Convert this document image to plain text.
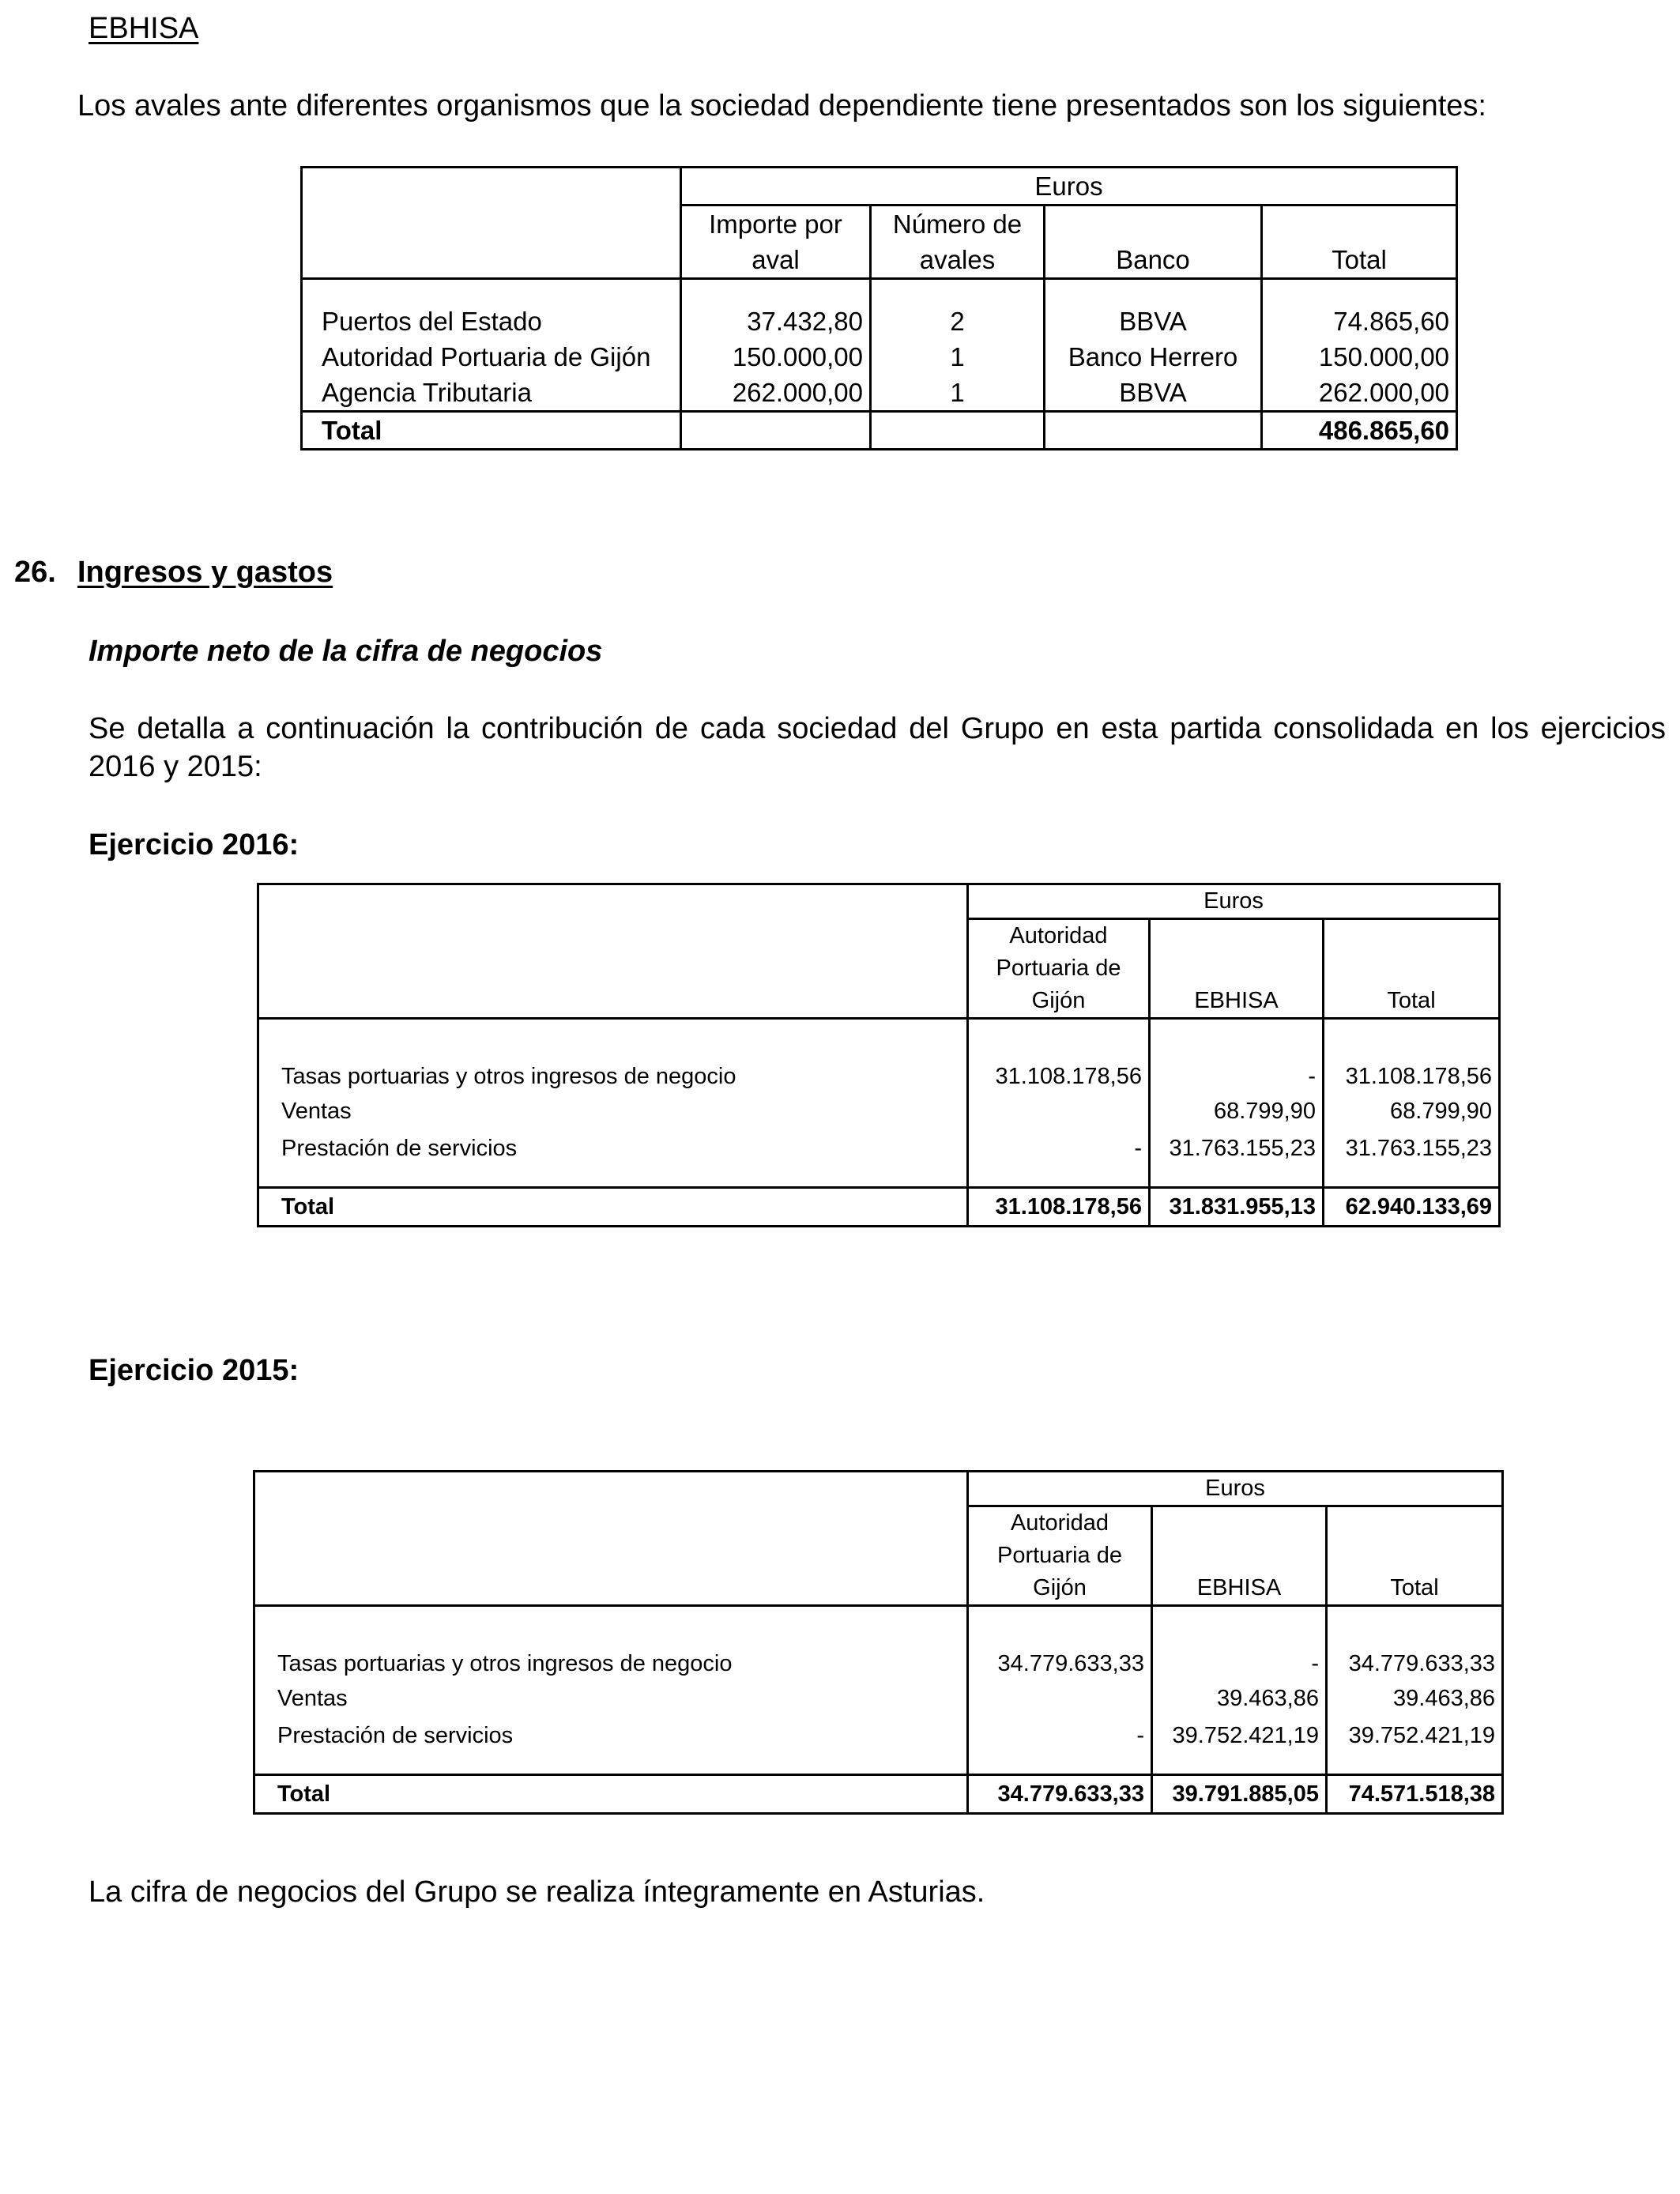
EBHISA
Los avales ante diferentes organismos que la sociedad dependiente tiene presentados son los siguientes:
	Euros			
	Importe por	Número de		
	aval	avales	Banco	Total

Puertos del Estado	37.432,80	2	BBVA	74.865,60
Autoridad Portuaria de Gijón	150.000,00	1	Banco Herrero	150.000,00
Agencia Tributaria	262.000,00	1	BBVA	262.000,00
Total				486.865,60
26. Ingresos y gastos
Importe neto de la cifra de negocios
Se detalla a continuación la contribución de cada sociedad del Grupo en esta partida consolidada en los ejercicios 2016 y 2015:
Ejercicio 2016:
	Euros		
	Autoridad		
	Portuaria de		
	Gijón	EBHISA	Total

Tasas portuarias y otros ingresos de negocio	31.108.178,56	-	31.108.178,56
Ventas		68.799,90	68.799,90
Prestación de servicios	-	31.763.155,23	31.763.155,23

Total	31.108.178,56	31.831.955,13	62.940.133,69
Ejercicio 2015:
	Euros		
	Autoridad		
	Portuaria de		
	Gijón	EBHISA	Total

Tasas portuarias y otros ingresos de negocio	34.779.633,33	-	34.779.633,33
Ventas		39.463,86	39.463,86
Prestación de servicios	-	39.752.421,19	39.752.421,19

Total	34.779.633,33	39.791.885,05	74.571.518,38
La cifra de negocios del Grupo se realiza íntegramente en Asturias.
